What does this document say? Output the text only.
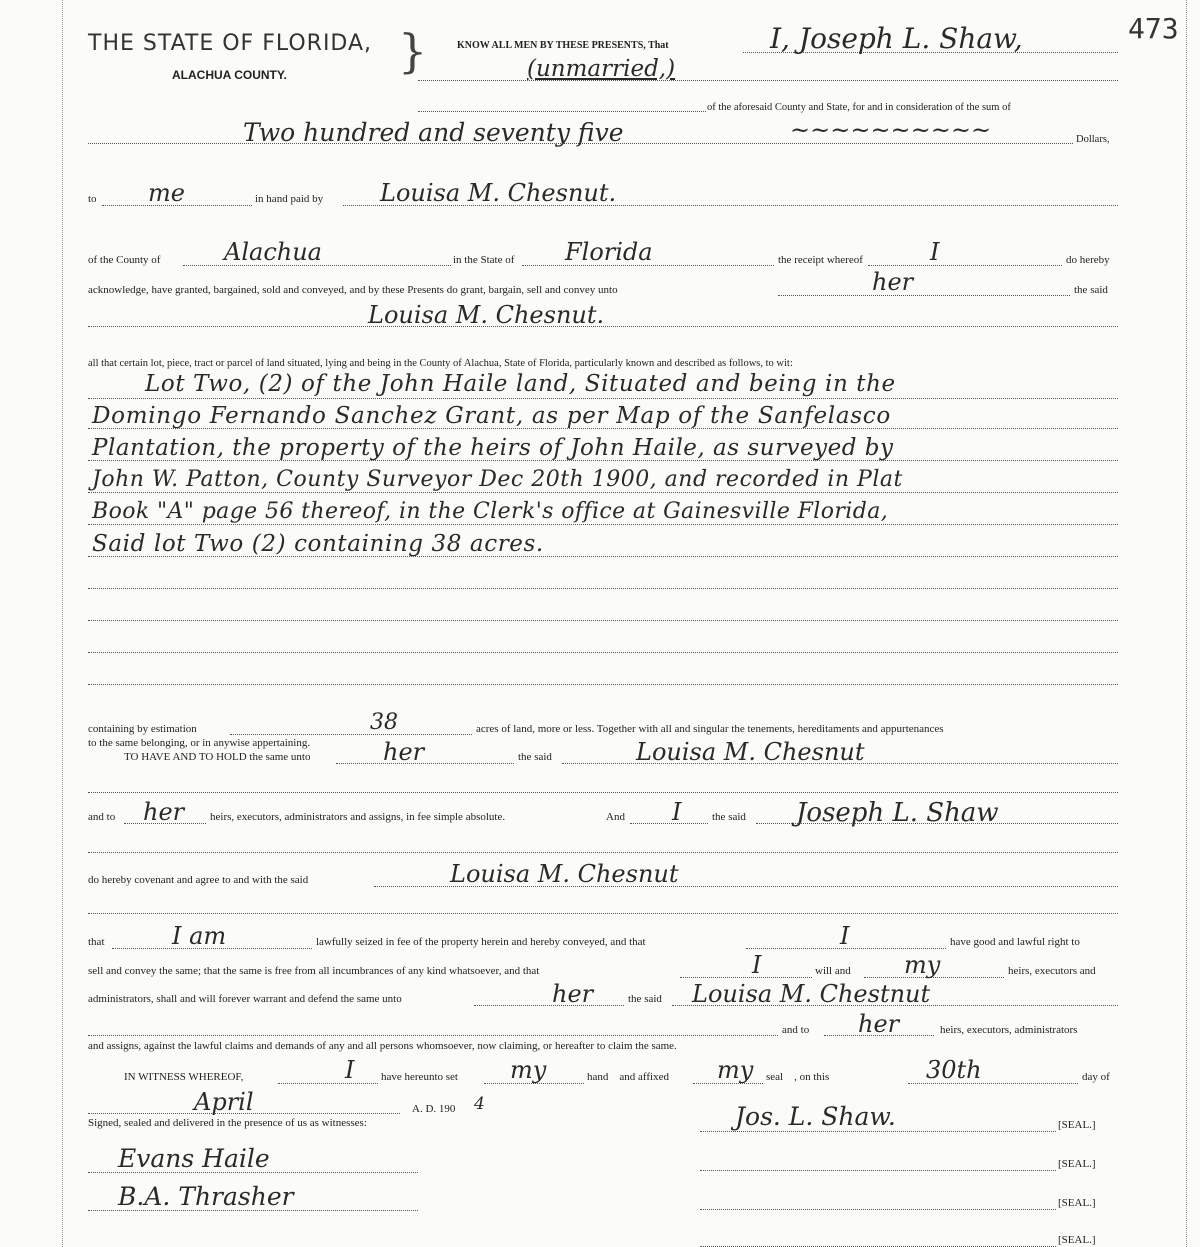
473
THE STATE OF FLORIDA, }
ALACHUA COUNTY.
KNOW ALL MEN BY THESE PRESENTS, That	I, Joseph L. Shaw,
(unmarried,)
of the aforesaid County and State, for and in consideration of the sum of
Two hundred and seventy five	~~~~~~~~~~	Dollars,
to me	in hand paid by Louisa M. Chesnut.
of the County of	Alachua	in the State of Florida	the receipt whereof	I	do hereby
acknowledge, have granted, bargained, sold and conveyed, and by these Presents do grant, bargain, sell and convey unto	her	the said
Louisa M. Chesnut.
all that certain lot, piece, tract or parcel of land situated, lying and being in the County of Alachua, State of Florida, particularly known and described as follows, to wit:
Lot Two, (2) of the John Haile land, Situated and being in the
Domingo Fernando Sanchez Grant, as per Map of the Sanfelasco
Plantation, the property of the heirs of John Haile, as surveyed by
John W. Patton, County Surveyor Dec 20th 1900, and recorded in Plat
Book "A" page 56 thereof, in the Clerk's office at Gainesville Florida,
Said lot Two (2) containing 38 acres.
containing by estimation	38	acres of land, more or less. Together with all and singular the tenements, hereditaments and appurtenances
to the same belonging, or in anywise appertaining.
TO HAVE AND TO HOLD the same unto	her	the said	Louisa M. Chesnut
and to her heirs, executors, administrators and assigns, in fee simple absolute.	And I	the said Joseph L. Shaw
do hereby covenant and agree to and with the said	Louisa M. Chesnut
that	I am	lawfully seized in fee of the property herein and hereby conveyed, and that	I	have good and lawful right to
sell and convey the same; that the same is free from all incumbrances of any kind whatsoever, and that	I	will and my	heirs, executors and
administrators, shall and will forever warrant and defend the same unto	her	the said Louisa M. Chestnut
and to her	heirs, executors, administrators
and assigns, against the lawful claims and demands of any and all persons whomsoever, now claiming, or hereafter to claim the same.
IN WITNESS WHEREOF,	I have hereunto set my	hand    and affixed my seal    , on this	30th	day of
April	A. D. 190 4
Signed, sealed and delivered in the presence of us as witnesses:	Jos. L. Shaw.	[SEAL.]
[SEAL.]
[SEAL.]
[SEAL.]
Evans Haile
B.A. Thrasher
